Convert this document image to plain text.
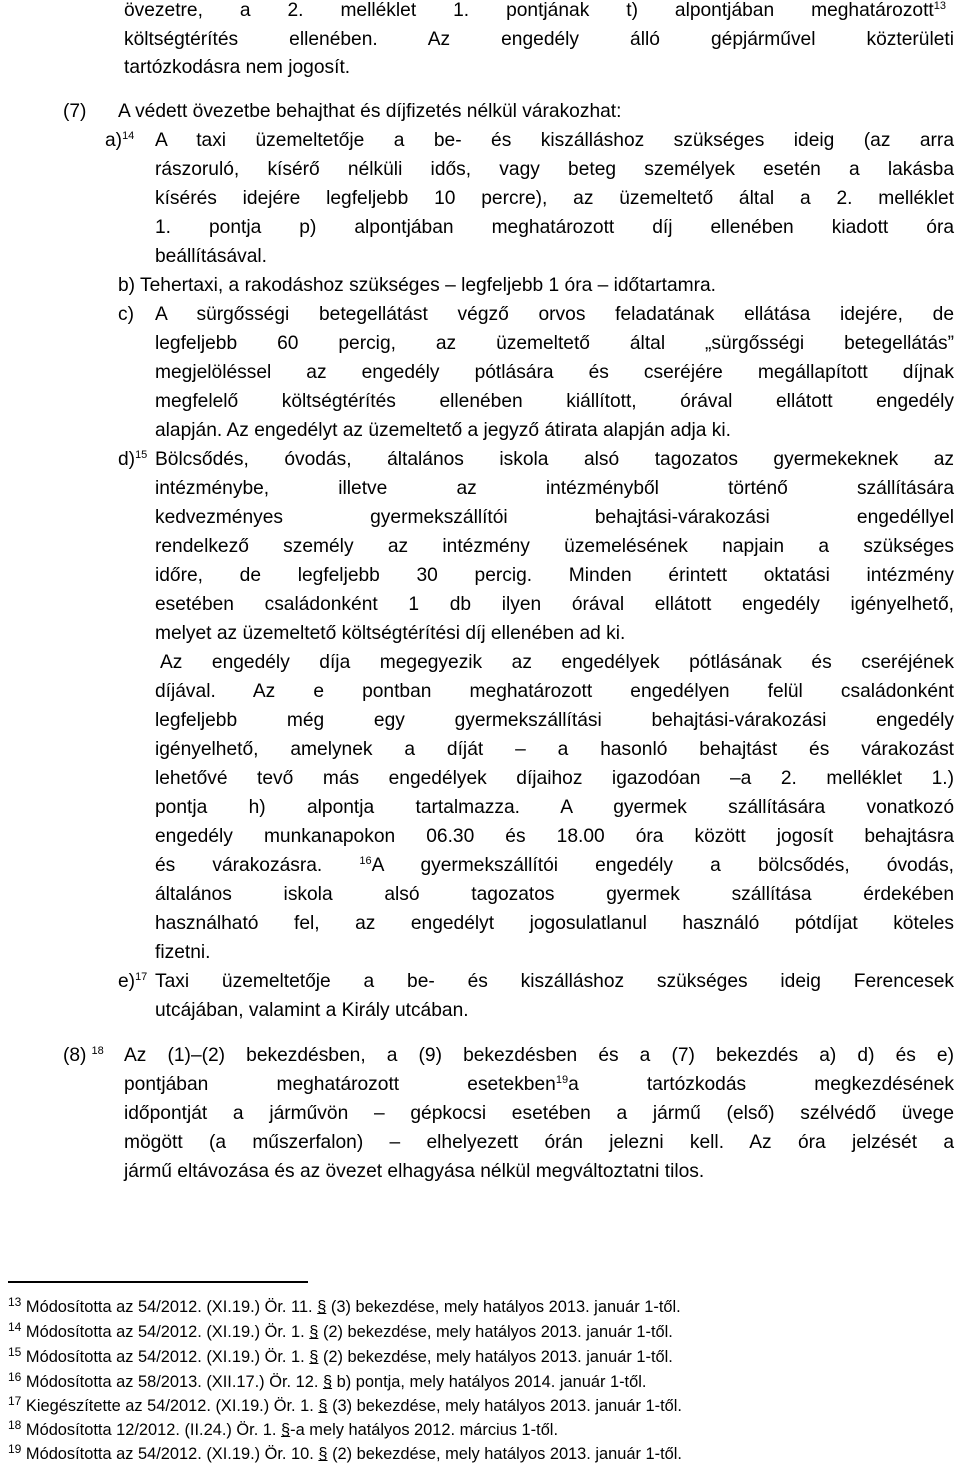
övezetre, a 2. melléklet 1. pontjának t) alpontjában meghatározott$^{13}$
költségtérítés ellenében. Az engedély álló gépjárművel közterületi
tartózkodásra nem jogosít.
(7) A védett övezetbe behajthat és díjfizetés nélkül várakozhat:
a)$^{14}$ A taxi üzemeltetője a be- és kiszálláshoz szükséges ideig (az arra
rászoruló, kísérő nélküli idős, vagy beteg személyek esetén a lakásba
kísérés idejére legfeljebb 10 percre), az üzemeltető által a 2. melléklet
1. pontja p) alpontjában meghatározott díj ellenében kiadott óra
beállításával.
b) Tehertaxi, a rakodáshoz szükséges – legfeljebb 1 óra – időtartamra.
c) A sürgősségi betegellátást végző orvos feladatának ellátása idejére, de
legfeljebb 60 percig, az üzemeltető által „sürgősségi betegellátás”
megjelöléssel az engedély pótlására és cseréjére megállapított díjnak
megfelelő költségtérítés ellenében kiállított, órával ellátott engedély
alapján. Az engedélyt az üzemeltető a jegyző átirata alapján adja ki.
d)$^{15}$ Bölcsődés, óvodás, általános iskola alsó tagozatos gyermekeknek az
intézménybe, illetve az intézményből történő szállítására
kedvezményes gyermekszállítói behajtási-várakozási engedéllyel
rendelkező személy az intézmény üzemelésének napjain a szükséges
időre, de legfeljebb 30 percig. Minden érintett oktatási intézmény
esetében családonként 1 db ilyen órával ellátott engedély igényelhető,
melyet az üzemeltető költségtérítési díj ellenében ad ki.
Az engedély díja megegyezik az engedélyek pótlásának és cseréjének
díjával. Az e pontban meghatározott engedélyen felül családonként
legfeljebb még egy gyermekszállítási behajtási-várakozási engedély
igényelhető, amelynek a díját – a hasonló behajtást és várakozást
lehetővé tevő más engedélyek díjaihoz igazodóan –a 2. melléklet 1.)
pontja h) alpontja tartalmazza. A gyermek szállítására vonatkozó
engedély munkanapokon 06.30 és 18.00 óra között jogosít behajtásra
és várakozásra.	$^{16}$A gyermekszállítói engedély a bölcsődés, óvodás,
általános iskola alsó tagozatos gyermek szállítása érdekében
használható fel, az engedélyt jogosulatlanul használó pótdíjat köteles
fizetni.
e)$^{17}$ Taxi üzemeltetője a be- és kiszálláshoz szükséges ideig Ferencesek
utcájában, valamint a Király utcában.
(8) $^{18}$ Az (1)–(2) bekezdésben, a (9) bekezdésben és a (7) bekezdés a) d) és e)
pontjában meghatározott esetekben$^{19}$a tartózkodás megkezdésének
időpontját a járművön – gépkocsi esetében a jármű (első) szélvédő üvege
mögött (a műszerfalon) – elhelyezett órán jelezni kell. Az óra jelzését a
jármű eltávozása és az övezet elhagyása nélkül megváltoztatni tilos.
$^{13}$ Módosította az 54/2012. (XI.19.) Ör. 11. § (3) bekezdése, mely hatályos 2013. január 1-től.
$^{14}$ Módosította az 54/2012. (XI.19.) Ör. 1. § (2) bekezdése, mely hatályos 2013. január 1-től.
$^{15}$ Módosította az 54/2012. (XI.19.) Ör. 1. § (2) bekezdése, mely hatályos 2013. január 1-től.
$^{16}$ Módosította az 58/2013. (XII.17.) Ör. 12. § b) pontja, mely hatályos 2014. január 1-től.
$^{17}$ Kiegészítette az 54/2012. (XI.19.) Ör. 1. § (3) bekezdése, mely hatályos 2013. január 1-től.
$^{18}$ Módosította 12/2012. (II.24.) Ör. 1. §-a mely hatályos 2012. március 1-től.
$^{19}$ Módosította az 54/2012. (XI.19.) Ör. 10. § (2) bekezdése, mely hatályos 2013. január 1-től.
